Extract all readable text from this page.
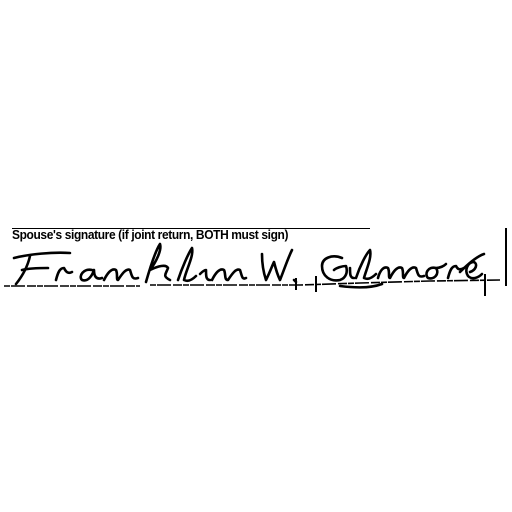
Spouse's signature (if joint return, BOTH must sign)
